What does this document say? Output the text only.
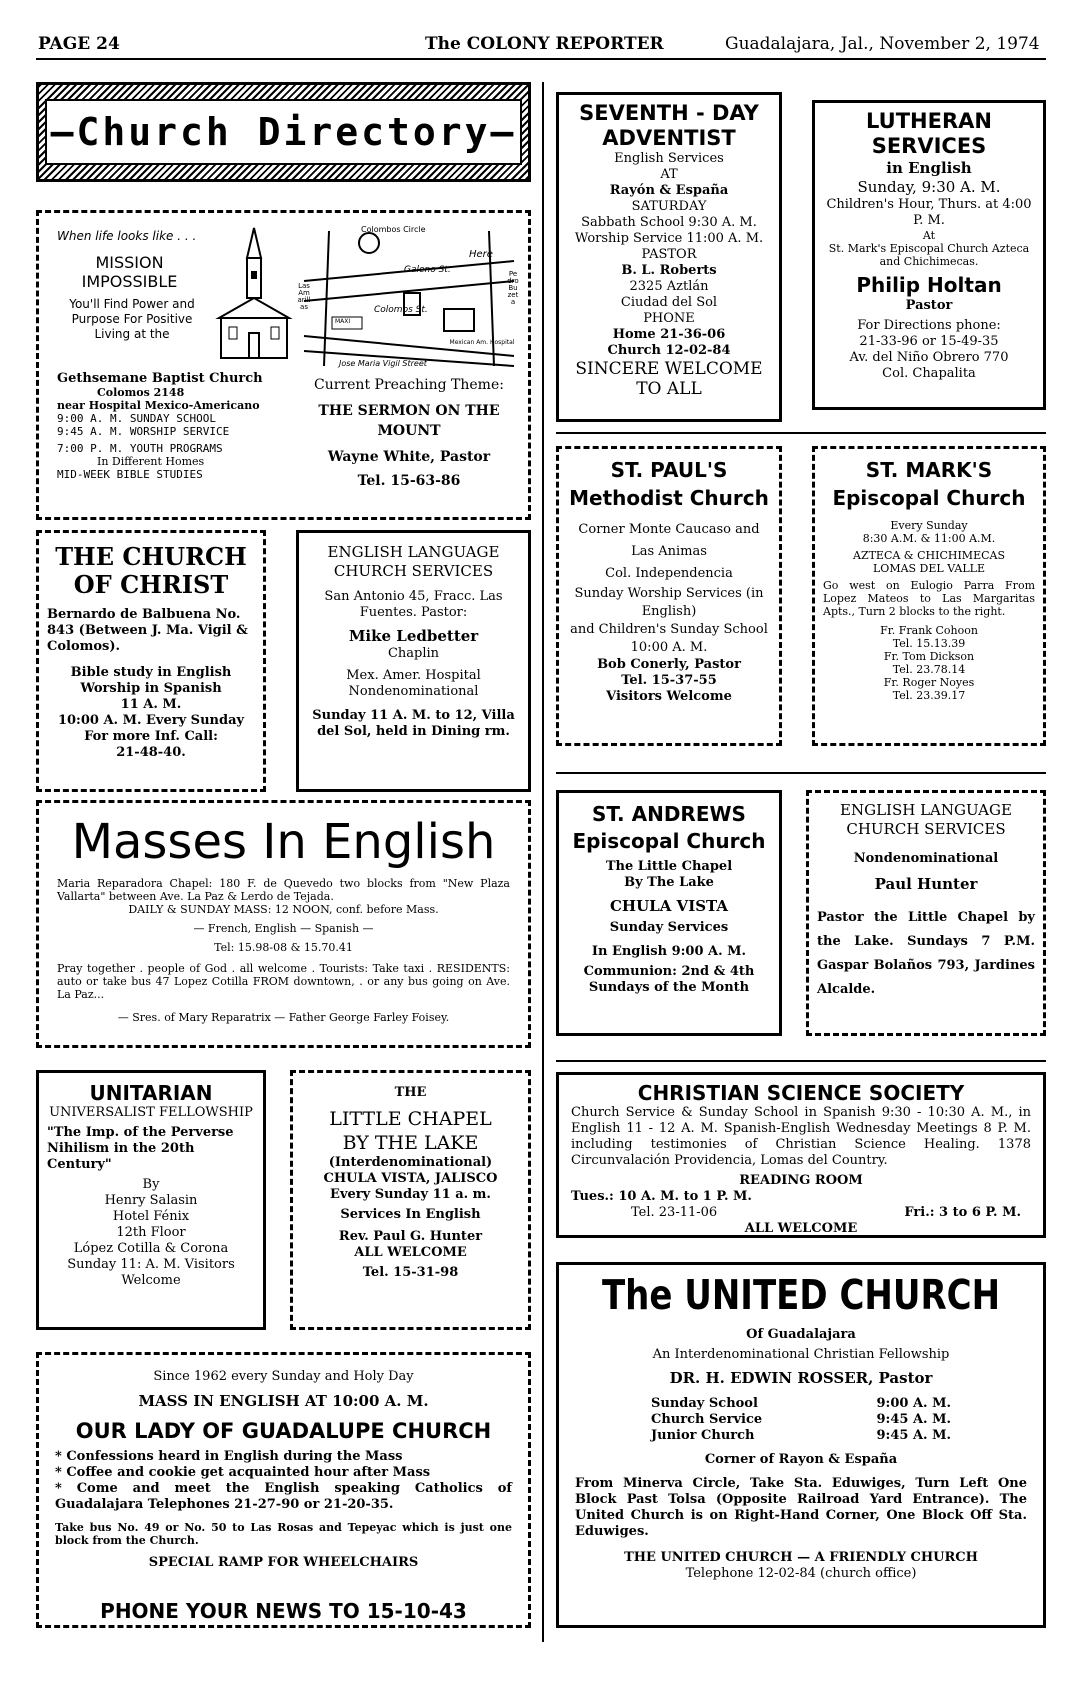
PAGE 24	The COLONY REPORTER	Guadalajara, Jal., November 2, 1974
—Church Directory—
When life looks like . . .
MISSION IMPOSSIBLE
You'll Find Power and Purpose For Positive Living at the
Gethsemane Baptist Church
Colomos 2148
near Hospital Mexico-Americano
9:00 A. M. SUNDAY SCHOOL
9:45 A. M. WORSHIP SERVICE
7:00 P. M. YOUTH PROGRAMS
In Different Homes
MID-WEEK BIBLE STUDIES
Colombos Circle
Galeno St.
Here
Colomos St.
Jose Maria Vigil Street
Mexican Am. Hospital
Las Amarillas
Pedro Buzeta
MAXI
Current Preaching Theme:
THE SERMON ON THE MOUNT
Wayne White, Pastor
Tel. 15-63-86
THE CHURCH OF CHRIST
Bernardo de Balbuena No. 843 (Between J. Ma. Vigil & Colomos).
Bible study in English
Worship in Spanish
11 A. M.
10:00 A. M. Every Sunday
For more Inf. Call:
21-48-40.
ENGLISH LANGUAGE CHURCH SERVICES
San Antonio 45, Fracc. Las Fuentes. Pastor:
Mike Ledbetter
Chaplin
Mex. Amer. Hospital
Nondenominational
Sunday 11 A. M. to 12, Villa del Sol, held in Dining rm.
Masses In English
Maria Reparadora Chapel: 180 F. de Quevedo two blocks from "New Plaza Vallarta" between Ave. La Paz & Lerdo de Tejada.
DAILY & SUNDAY MASS: 12 NOON, conf. before Mass.
— French, English — Spanish —
Tel: 15.98-08 & 15.70.41
Pray together . people of God . all welcome . Tourists: Take taxi . RESIDENTS: auto or take bus 47 Lopez Cotilla FROM downtown, . or any bus going on Ave. La Paz...
— Sres. of Mary Reparatrix — Father George Farley Foisey.
UNITARIAN
UNIVERSALIST FELLOWSHIP
"The Imp. of the Perverse Nihilism in the 20th Century"
By
Henry Salasin
Hotel Fénix
12th Floor
López Cotilla & Corona
Sunday 11: A. M. Visitors Welcome
THE
LITTLE CHAPEL
BY THE LAKE
(Interdenominational)
CHULA VISTA, JALISCO
Every Sunday 11 a. m.
Services In English
Rev. Paul G. Hunter
ALL WELCOME
Tel. 15-31-98
Since 1962 every Sunday and Holy Day
MASS IN ENGLISH AT 10:00 A. M.
OUR LADY OF GUADALUPE CHURCH
* Confessions heard in English during the Mass
* Coffee and cookie get acquainted hour after Mass
* Come and meet the English speaking Catholics of Guadalajara Telephones 21-27-90 or 21-20-35.
Take bus No. 49 or No. 50 to Las Rosas and Tepeyac which is just one block from the Church.
SPECIAL RAMP FOR WHEELCHAIRS
PHONE YOUR NEWS TO 15-10-43
SEVENTH - DAY ADVENTIST
English Services
AT
Rayón & España
SATURDAY
Sabbath School 9:30 A. M.
Worship Service 11:00 A. M.
PASTOR
B. L. Roberts
2325 Aztlán
Ciudad del Sol
PHONE
Home 21-36-06
Church 12-02-84
SINCERE WELCOME TO ALL
LUTHERAN SERVICES
in English
Sunday, 9:30 A. M.
Children's Hour, Thurs. at 4:00 P. M.
At
St. Mark's Episcopal Church Azteca and Chichimecas.
Philip Holtan
Pastor
For Directions phone:
21-33-96 or 15-49-35
Av. del Niño Obrero 770
Col. Chapalita
ST. PAUL'S
Methodist Church
Corner Monte Caucaso and Las Animas
Col. Independencia
Sunday Worship Services (in English)
and Children's Sunday School 10:00 A. M.
Bob Conerly, Pastor
Tel. 15-37-55
Visitors Welcome
ST. MARK'S
Episcopal Church
Every Sunday
8:30 A.M. & 11:00 A.M.
AZTECA & CHICHIMECAS
LOMAS DEL VALLE
Go west on Eulogio Parra From Lopez Mateos to Las Margaritas Apts., Turn 2 blocks to the right.
Fr. Frank Cohoon
Tel. 15.13.39
Fr. Tom Dickson
Tel. 23.78.14
Fr. Roger Noyes
Tel. 23.39.17
ST. ANDREWS
Episcopal Church
The Little Chapel
By The Lake
CHULA VISTA
Sunday Services
In English 9:00 A. M.
Communion: 2nd & 4th
Sundays of the Month
ENGLISH LANGUAGE CHURCH SERVICES
Nondenominational
Paul Hunter
Pastor the Little Chapel by the Lake. Sundays 7 P.M. Gaspar Bolaños 793, Jardines Alcalde.
CHRISTIAN SCIENCE SOCIETY
Church Service & Sunday School in Spanish 9:30 - 10:30 A. M., in English 11 - 12 A. M. Spanish-English Wednesday Meetings 8 P. M. including testimonies of Christian Science Healing. 1378 Circunvalación Providencia, Lomas del Country.
READING ROOM
Tues.: 10 A. M. to 1 P. M.
Tel. 23-11-06	Fri.: 3 to 6 P. M.
ALL WELCOME
The UNITED CHURCH
Of Guadalajara
An Interdenominational Christian Fellowship
DR. H. EDWIN ROSSER, Pastor
Sunday School	9:00 A. M.
Church Service	9:45 A. M.
Junior Church	9:45 A. M.
Corner of Rayon & España
From Minerva Circle, Take Sta. Eduwiges, Turn Left One Block Past Tolsa (Opposite Railroad Yard Entrance). The United Church is on Right-Hand Corner, One Block Off Sta. Eduwiges.
THE UNITED CHURCH — A FRIENDLY CHURCH
Telephone 12-02-84 (church office)
